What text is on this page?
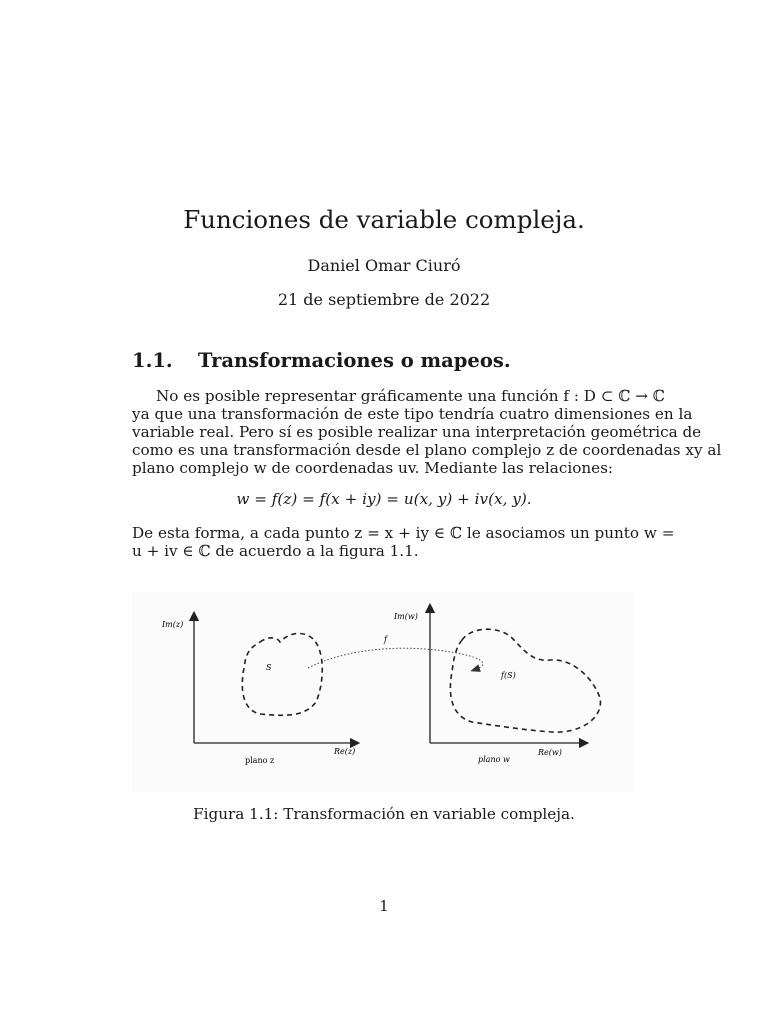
Funciones de variable compleja.
Daniel Omar Ciuró
21 de septiembre de 2022
1.1. Transformaciones o mapeos.
No es posible representar gráficamente una función f : D ⊂ ℂ → ℂ
ya que una transformación de este tipo tendría cuatro dimensiones en la
variable real. Pero sí es posible realizar una interpretación geométrica de
como es una transformación desde el plano complejo z de coordenadas xy al
plano complejo w de coordenadas uv. Mediante las relaciones:
w = f(z) = f(x + iy) = u(x, y) + iv(x, y).
De esta forma, a cada punto z = x + iy ∈ ℂ le asociamos un punto w =
u + iv ∈ ℂ de acuerdo a la figura 1.1.
Im(z)
Re(z)
plano z
S
f
Im(w)
Re(w)
plano w
f(S)
Figura 1.1: Transformación en variable compleja.
1
